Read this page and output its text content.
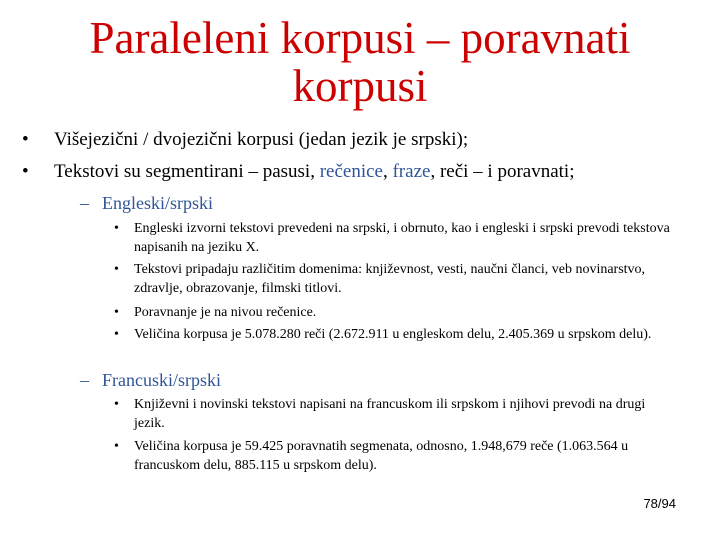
Paraleleni korpusi – poravnati
korpusi
• Višejezični / dvojezični korpusi (jedan jezik je srpski);
• Tekstovi su segmentirani – pasusi, rečenice, fraze, reči – i poravnati;
– Engleski/srpski
• Engleski izvorni tekstovi prevedeni na srpski, i obrnuto, kao i engleski i srpski prevodi tekstova napisanih na jeziku X.
• Tekstovi pripadaju različitim domenima: književnost, vesti, naučni članci, veb novinarstvo, zdravlje, obrazovanje, filmski titlovi.
• Poravnanje je na nivou rečenice.
• Veličina korpusa je 5.078.280 reči (2.672.911 u engleskom delu, 2.405.369 u srpskom delu).
– Francuski/srpski
• Književni i novinski tekstovi napisani na francuskom ili srpskom i njihovi prevodi na drugi jezik.
• Veličina korpusa je 59.425 poravnatih segmenata, odnosno, 1.948,679 reče (1.063.564 u francuskom delu, 885.115 u srpskom delu).
78/94
